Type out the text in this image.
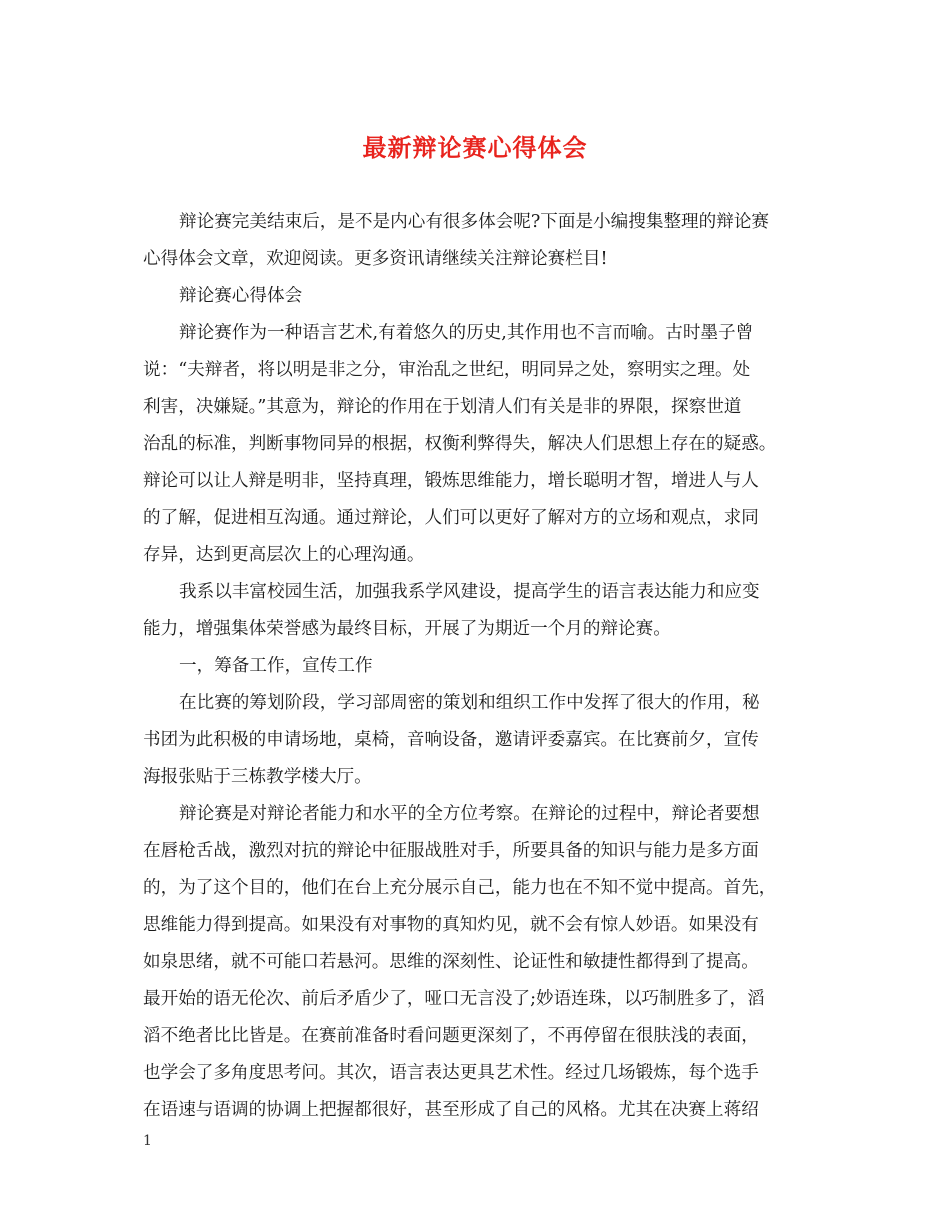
最新辩论赛心得体会
辩论赛完美结束后，是不是内心有很多体会呢?下面是小编搜集整理的辩论赛
心得体会文章，欢迎阅读。更多资讯请继续关注辩论赛栏目!
辩论赛心得体会
辩论赛作为一种语言艺术,有着悠久的历史,其作用也不言而喻。古时墨子曾
说：“夫辩者，将以明是非之分，审治乱之世纪，明同异之处，察明实之理。处
利害，决嫌疑。”其意为，辩论的作用在于划清人们有关是非的界限，探察世道
治乱的标准，判断事物同异的根据，权衡利弊得失，解决人们思想上存在的疑惑。
辩论可以让人辩是明非，坚持真理，锻炼思维能力，增长聪明才智，增进人与人
的了解，促进相互沟通。通过辩论，人们可以更好了解对方的立场和观点，求同
存异，达到更高层次上的心理沟通。
我系以丰富校园生活，加强我系学风建设，提高学生的语言表达能力和应变
能力，增强集体荣誉感为最终目标，开展了为期近一个月的辩论赛。
一，筹备工作，宣传工作
在比赛的筹划阶段，学习部周密的策划和组织工作中发挥了很大的作用，秘
书团为此积极的申请场地，桌椅，音响设备，邀请评委嘉宾。在比赛前夕，宣传
海报张贴于三栋教学楼大厅。
辩论赛是对辩论者能力和水平的全方位考察。在辩论的过程中，辩论者要想
在唇枪舌战，激烈对抗的辩论中征服战胜对手，所要具备的知识与能力是多方面
的，为了这个目的，他们在台上充分展示自己，能力也在不知不觉中提高。首先，
思维能力得到提高。如果没有对事物的真知灼见，就不会有惊人妙语。如果没有
如泉思绪，就不可能口若悬河。思维的深刻性、论证性和敏捷性都得到了提高。
最开始的语无伦次、前后矛盾少了，哑口无言没了;妙语连珠，以巧制胜多了，滔
滔不绝者比比皆是。在赛前准备时看问题更深刻了，不再停留在很肤浅的表面，
也学会了多角度思考问。其次，语言表达更具艺术性。经过几场锻炼，每个选手
在语速与语调的协调上把握都很好，甚至形成了自己的风格。尤其在决赛上蒋绍
1
